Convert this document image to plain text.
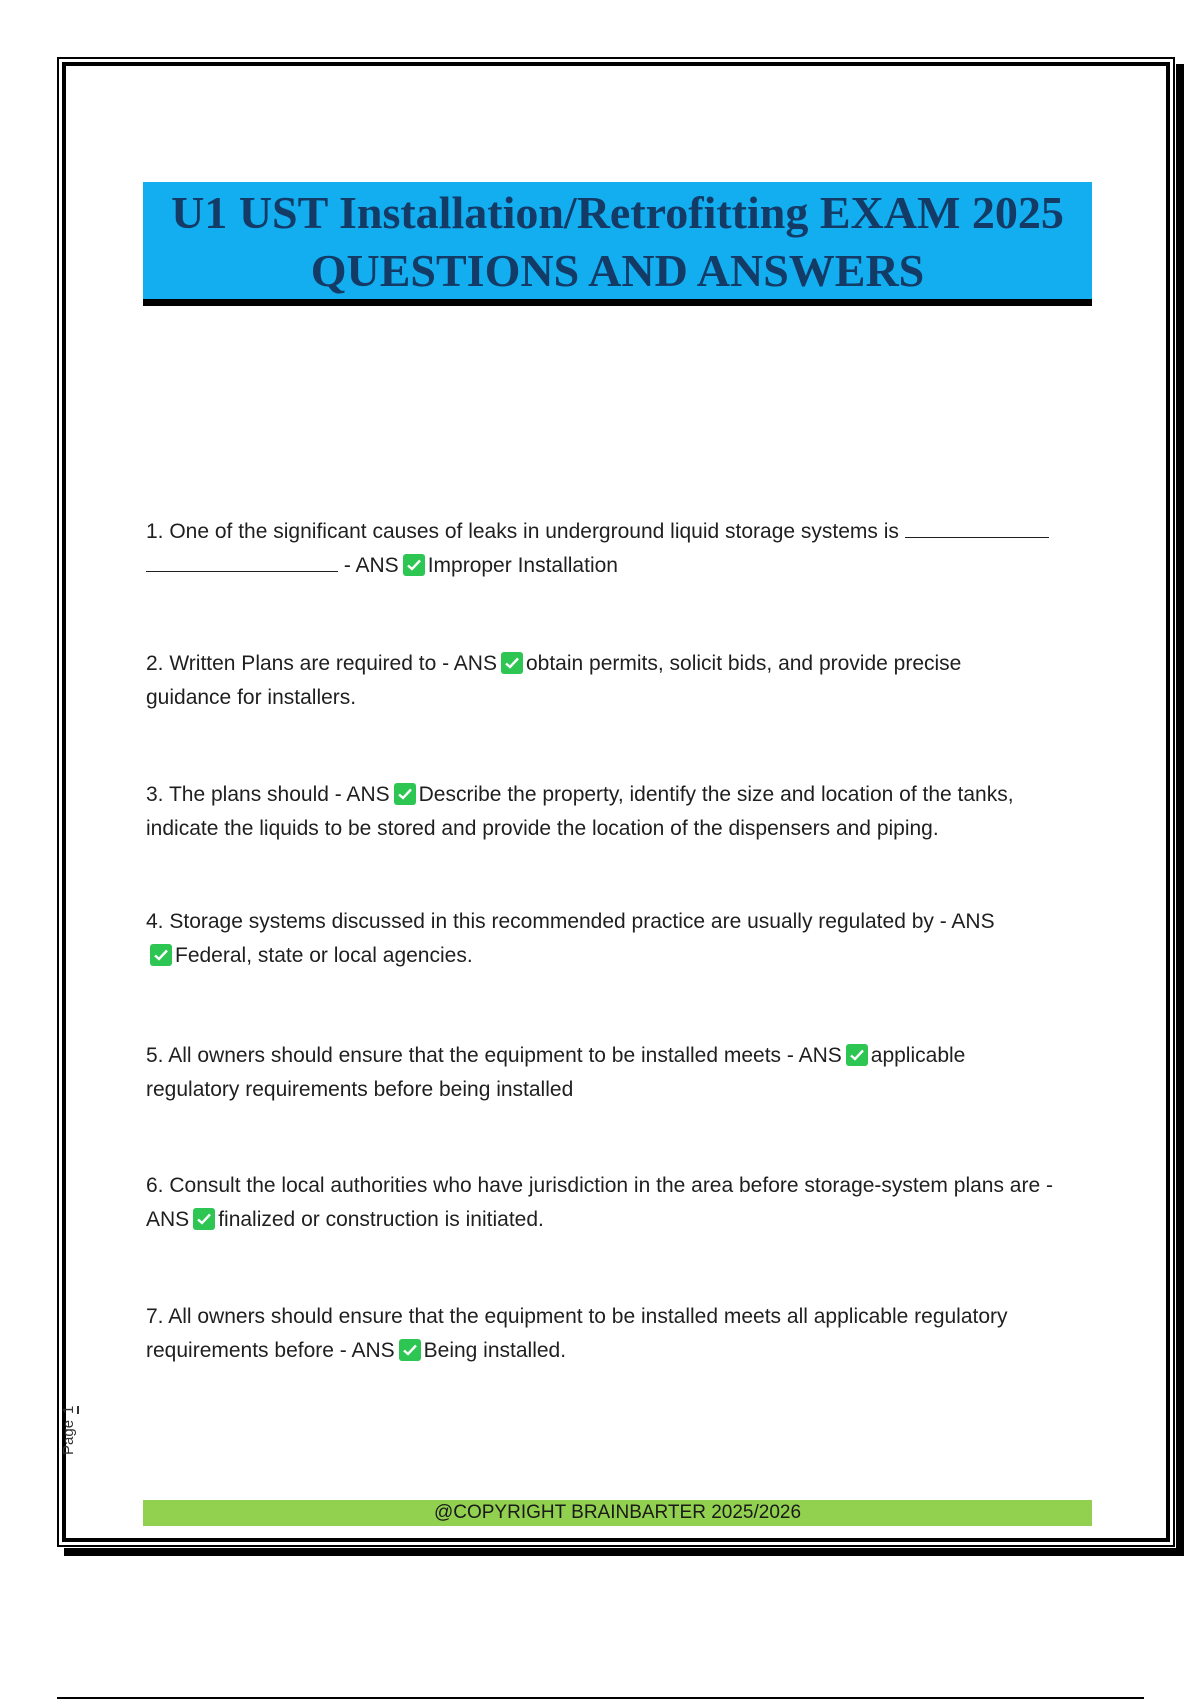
U1 UST Installation/Retrofitting EXAM 2025
QUESTIONS AND ANSWERS
1. One of the significant causes of leaks in underground liquid storage systems is
- ANS Improper Installation
2. Written Plans are required to - ANS obtain permits, solicit bids, and provide precise guidance for installers.
3. The plans should - ANS Describe the property, identify the size and location of the tanks, indicate the liquids to be stored and provide the location of the dispensers and piping.
4. Storage systems discussed in this recommended practice are usually regulated by - ANS
Federal, state or local agencies.
5. All owners should ensure that the equipment to be installed meets - ANS applicable regulatory requirements before being installed
6. Consult the local authorities who have jurisdiction in the area before storage-system plans are - ANS finalized or construction is initiated.
7. All owners should ensure that the equipment to be installed meets all applicable regulatory requirements before - ANS Being installed.
Page1
@COPYRIGHT BRAINBARTER 2025/2026
